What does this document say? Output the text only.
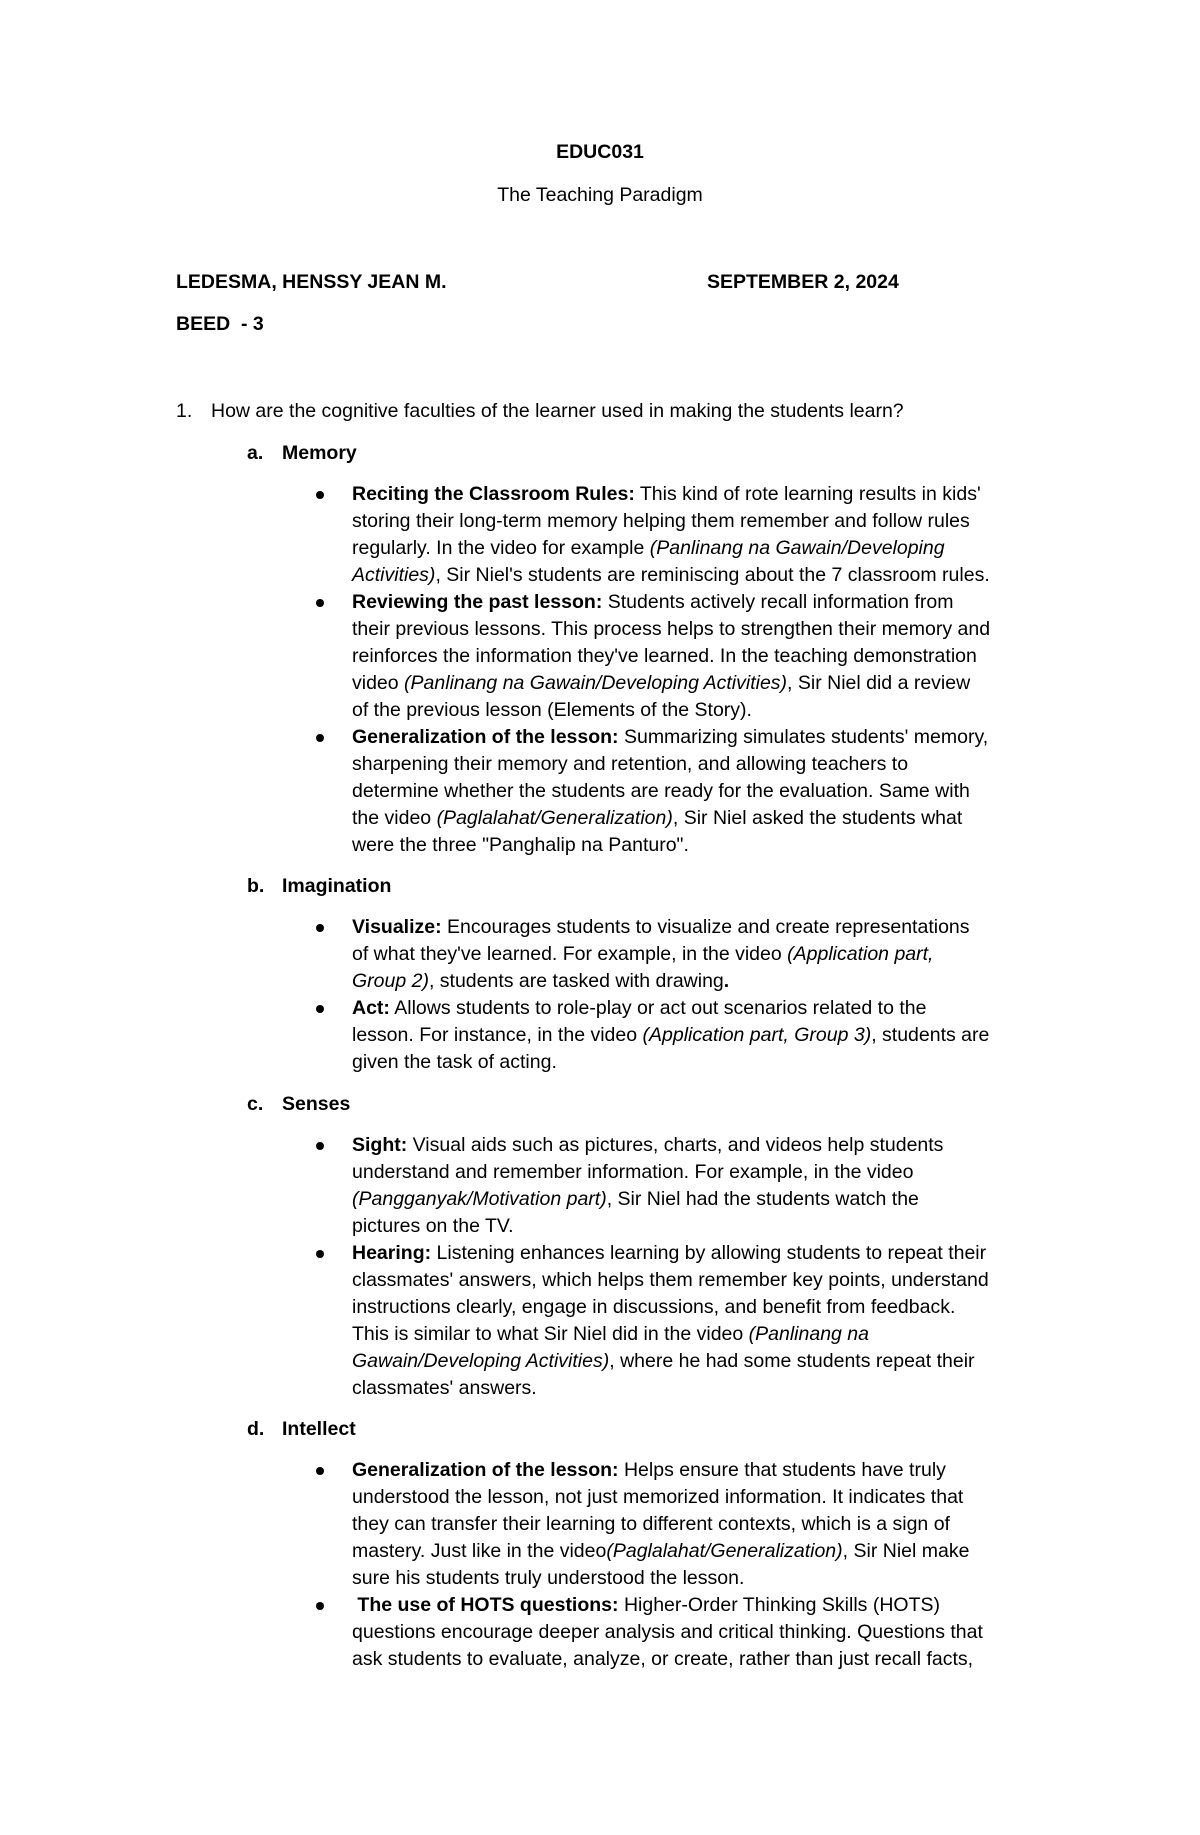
EDUC031
The Teaching Paradigm
LEDESMA, HENSSY JEAN M.	SEPTEMBER 2, 2024
BEED  - 3
1. How are the cognitive faculties of the learner used in making the students learn?
a. Memory

Reciting the Classroom Rules: This kind of rote learning results in kids'

storing their long-term memory helping them remember and follow rules

regularly. In the video for example (Panlinang na Gawain/Developing

Activities), Sir Niel's students are reminiscing about the 7 classroom rules.

Reviewing the past lesson: Students actively recall information from

their previous lessons. This process helps to strengthen their memory and

reinforces the information they've learned. In the teaching demonstration

video (Panlinang na Gawain/Developing Activities), Sir Niel did a review

of the previous lesson (Elements of the Story).

Generalization of the lesson: Summarizing simulates students' memory,

sharpening their memory and retention, and allowing teachers to

determine whether the students are ready for the evaluation. Same with

the video (Paglalahat/Generalization), Sir Niel asked the students what

were the three "Panghalip na Panturo".

b. Imagination

Visualize: Encourages students to visualize and create representations

of what they've learned. For example, in the video (Application part,

Group 2), students are tasked with drawing.

Act: Allows students to role-play or act out scenarios related to the

lesson. For instance, in the video (Application part, Group 3), students are

given the task of acting.

c. Senses

Sight: Visual aids such as pictures, charts, and videos help students

understand and remember information. For example, in the video

(Pangganyak/Motivation part), Sir Niel had the students watch the

pictures on the TV.

Hearing: Listening enhances learning by allowing students to repeat their

classmates' answers, which helps them remember key points, understand

instructions clearly, engage in discussions, and benefit from feedback.

This is similar to what Sir Niel did in the video (Panlinang na

Gawain/Developing Activities), where he had some students repeat their

classmates' answers.

d. Intellect

Generalization of the lesson: Helps ensure that students have truly

understood the lesson, not just memorized information. It indicates that

they can transfer their learning to different contexts, which is a sign of

mastery. Just like in the video(Paglalahat/Generalization), Sir Niel make

sure his students truly understood the lesson.

The use of HOTS questions: Higher-Order Thinking Skills (HOTS)

questions encourage deeper analysis and critical thinking. Questions that

ask students to evaluate, analyze, or create, rather than just recall facts,
